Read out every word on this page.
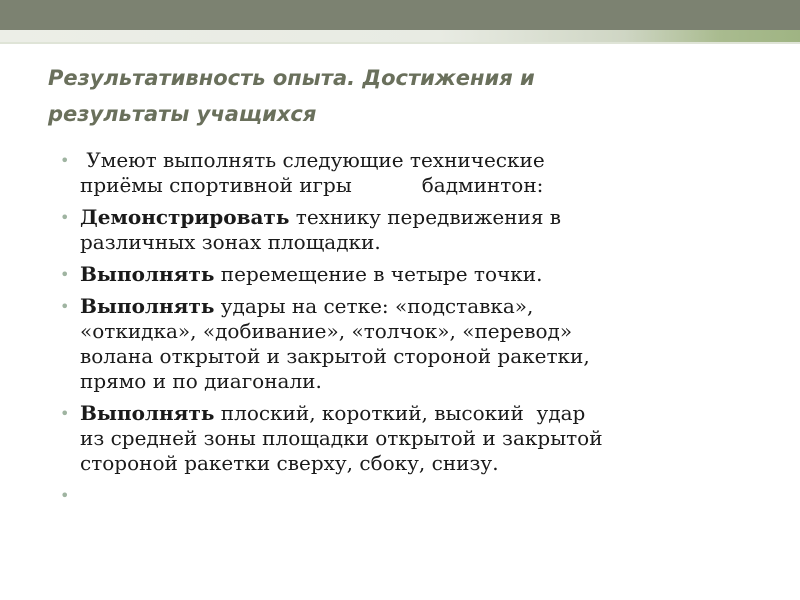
Результативность опыта. Достижения и
результаты учащихся
• Умеют выполнять следующие технические
приёмы спортивной игры	бадминтон:
• Демонстрировать технику передвижения в
различных зонах площадки.
• Выполнять перемещение в четыре точки.
• Выполнять удары на сетке: «подставка»,
«откидка», «добивание», «толчок», «перевод»
волана открытой и закрытой стороной ракетки,
прямо и по диагонали.
• Выполнять плоский, короткий, высокий  удар
из средней зоны площадки открытой и закрытой
стороной ракетки сверху, сбоку, снизу.
•
